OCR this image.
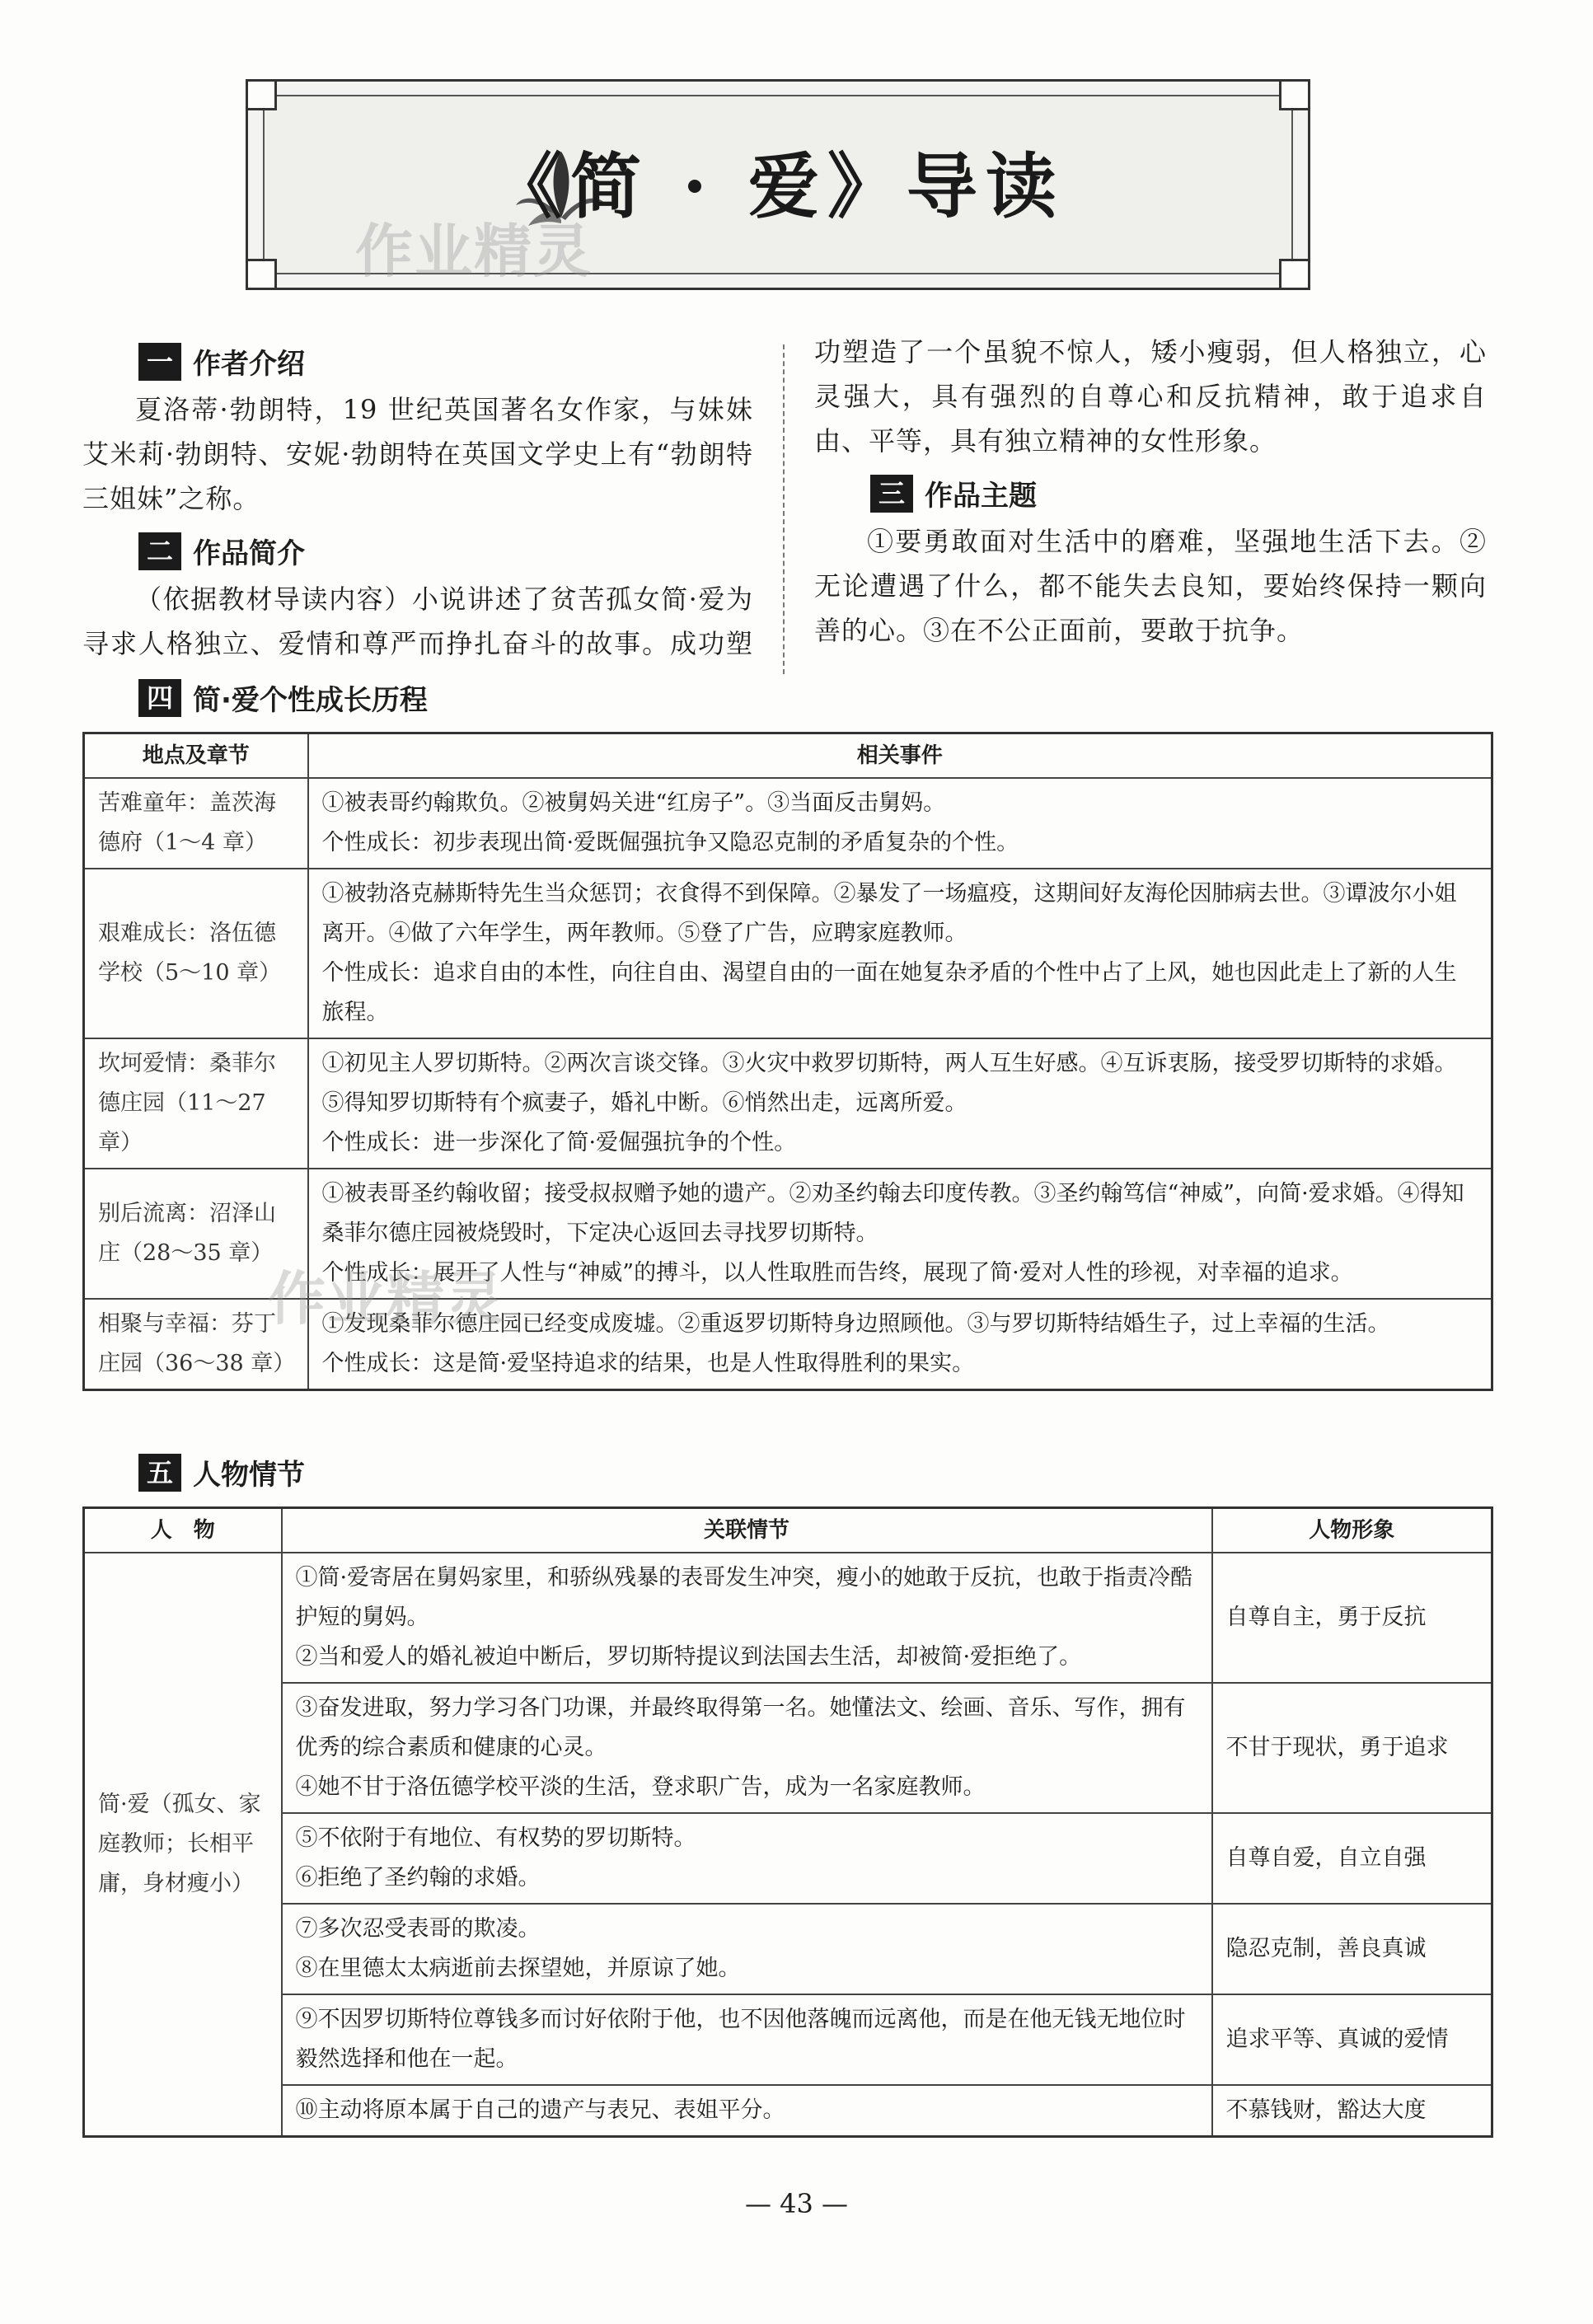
《简 · 爱》导读
作业精灵
一 作者介绍
夏洛蒂·勃朗特，19 世纪英国著名女作家，与妹妹艾米莉·勃朗特、安妮·勃朗特在英国文学史上有“勃朗特三姐妹”之称。
二 作品简介
（依据教材导读内容）小说讲述了贫苦孤女简·爱为寻求人格独立、爱情和尊严而挣扎奋斗的故事。成功塑
功塑造了一个虽貌不惊人，矮小瘦弱，但人格独立，心灵强大，具有强烈的自尊心和反抗精神，敢于追求自由、平等，具有独立精神的女性形象。
三 作品主题
①要勇敢面对生活中的磨难，坚强地生活下去。②无论遭遇了什么，都不能失去良知，要始终保持一颗向善的心。③在不公正面前，要敢于抗争。
四 简·爱个性成长历程
地点及章节	相关事件
苦难童年：盖茨海德府（1～4 章）	①被表哥约翰欺负。②被舅妈关进“红房子”。③当面反击舅妈。

个性成长：初步表现出简·爱既倔强抗争又隐忍克制的矛盾复杂的个性。

艰难成长：洛伍德学校（5～10 章）	①被勃洛克赫斯特先生当众惩罚；衣食得不到保障。②暴发了一场瘟疫，这期间好友海伦因肺病去世。③谭波尔小姐离开。④做了六年学生，两年教师。⑤登了广告，应聘家庭教师。

个性成长：追求自由的本性，向往自由、渴望自由的一面在她复杂矛盾的个性中占了上风，她也因此走上了新的人生旅程。

坎坷爱情：桑菲尔德庄园（11～27 章）	①初见主人罗切斯特。②两次言谈交锋。③火灾中救罗切斯特，两人互生好感。④互诉衷肠，接受罗切斯特的求婚。⑤得知罗切斯特有个疯妻子，婚礼中断。⑥悄然出走，远离所爱。

个性成长：进一步深化了简·爱倔强抗争的个性。

别后流离：沼泽山庄（28～35 章）	①被表哥圣约翰收留；接受叔叔赠予她的遗产。②劝圣约翰去印度传教。③圣约翰笃信“神威”，向简·爱求婚。④得知桑菲尔德庄园被烧毁时，下定决心返回去寻找罗切斯特。

个性成长：展开了人性与“神威”的搏斗，以人性取胜而告终，展现了简·爱对人性的珍视，对幸福的追求。

相聚与幸福：芬丁庄园（36～38 章）	①发现桑菲尔德庄园已经变成废墟。②重返罗切斯特身边照顾他。③与罗切斯特结婚生子，过上幸福的生活。

个性成长：这是简·爱坚持追求的结果，也是人性取得胜利的果实。

作业精灵
五 人物情节
人　物	关联情节	人物形象
简·爱（孤女、家庭教师；长相平庸，身材瘦小）	①简·爱寄居在舅妈家里，和骄纵残暴的表哥发生冲突，瘦小的她敢于反抗，也敢于指责冷酷护短的舅妈。

②当和爱人的婚礼被迫中断后，罗切斯特提议到法国去生活，却被简·爱拒绝了。	自尊自主，勇于反抗

	③奋发进取，努力学习各门功课，并最终取得第一名。她懂法文、绘画、音乐、写作，拥有优秀的综合素质和健康的心灵。

④她不甘于洛伍德学校平淡的生活，登求职广告，成为一名家庭教师。	不甘于现状，勇于追求

	⑤不依附于有地位、有权势的罗切斯特。

⑥拒绝了圣约翰的求婚。	自尊自爱，自立自强

	⑦多次忍受表哥的欺凌。

⑧在里德太太病逝前去探望她，并原谅了她。	隐忍克制，善良真诚

	⑨不因罗切斯特位尊钱多而讨好依附于他，也不因他落魄而远离他，而是在他无钱无地位时毅然选择和他在一起。	追求平等、真诚的爱情

	⑩主动将原本属于自己的遗产与表兄、表姐平分。	不慕钱财，豁达大度
— 43 —
